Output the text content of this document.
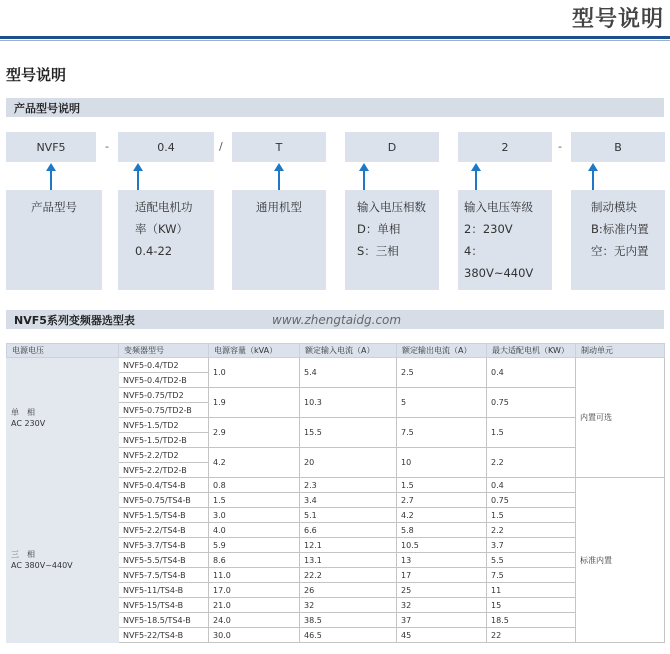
型号说明
型号说明
产品型号说明
NVF5	-	0.4	/	T	D	2	-	B
产品型号	适配电机功
率（KW）
0.4-22
通用机型	输入电压相数
D：单相
S：三相
输入电压等级
2：230V
4：380V~440V
制动模块
B:标准内置
空：无内置
NVF5系列变频器选型表	www.zhengtaidg.com
电源电压	变频器型号	电源容量（kVA）	额定输入电流（A）	额定输出电流（A）	最大适配电机（KW）	制动单元

单　相
AC 230V	NVF5-0.4/TD2	1.0	5.4	2.5	0.4	内置可选
	NVF5-0.4/TD2-B					
	NVF5-0.75/TD2	1.9	10.3	5	0.75	
	NVF5-0.75/TD2-B					
	NVF5-1.5/TD2	2.9	15.5	7.5	1.5	
	NVF5-1.5/TD2-B					
	NVF5-2.2/TD2	4.2	20	10	2.2	
	NVF5-2.2/TD2-B					

三　相
AC 380V~440V	NVF5-0.4/TS4-B	0.8	2.3	1.5	0.4	标准内置
	NVF5-0.75/TS4-B	1.5	3.4	2.7	0.75	
	NVF5-1.5/TS4-B	3.0	5.1	4.2	1.5	
	NVF5-2.2/TS4-B	4.0	6.6	5.8	2.2	
	NVF5-3.7/TS4-B	5.9	12.1	10.5	3.7	
	NVF5-5.5/TS4-B	8.6	13.1	13	5.5	
	NVF5-7.5/TS4-B	11.0	22.2	17	7.5	
	NVF5-11/TS4-B	17.0	26	25	11	
	NVF5-15/TS4-B	21.0	32	32	15	
	NVF5-18.5/TS4-B	24.0	38.5	37	18.5	
	NVF5-22/TS4-B	30.0	46.5	45	22	
